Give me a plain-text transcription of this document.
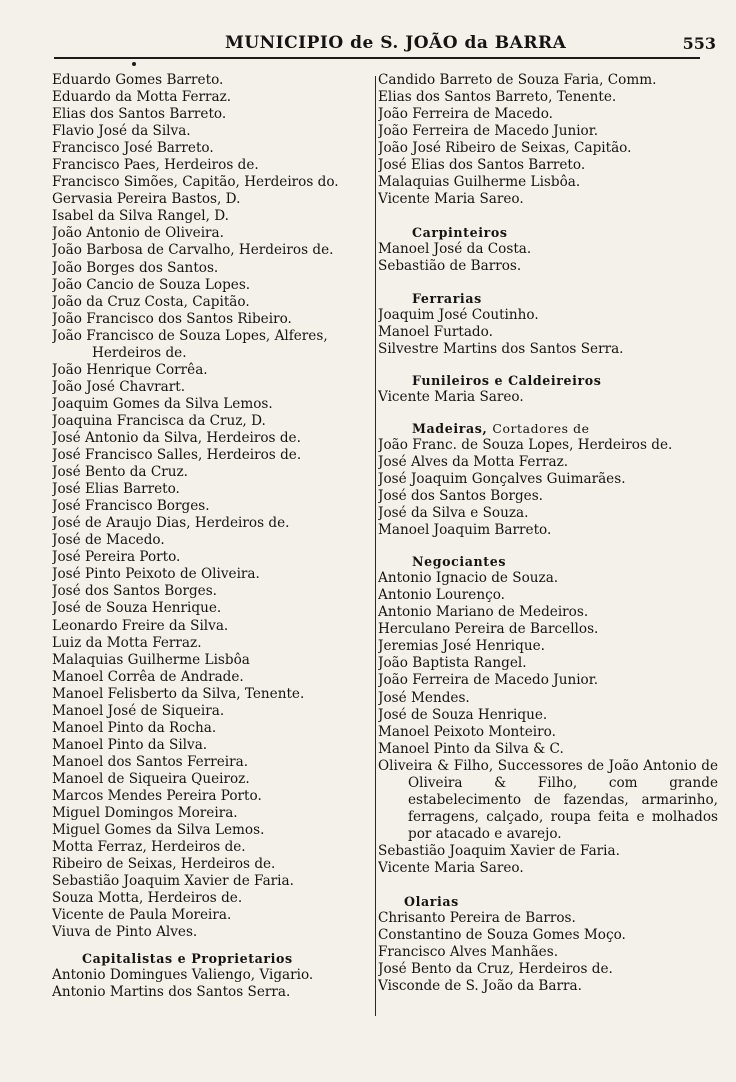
MUNICIPIO de S. JOÃO da BARRA	553
Eduardo Gomes Barreto.
Eduardo da Motta Ferraz.
Elias dos Santos Barreto.
Flavio José da Silva.
Francisco José Barreto.
Francisco Paes, Herdeiros de.
Francisco Simões, Capitão, Herdeiros do.
Gervasia Pereira Bastos, D.
Isabel da Silva Rangel, D.
João Antonio de Oliveira.
João Barbosa de Carvalho, Herdeiros de.
João Borges dos Santos.
João Cancio de Souza Lopes.
João da Cruz Costa, Capitão.
João Francisco dos Santos Ribeiro.
João Francisco de Souza Lopes, Alferes,
Herdeiros de.
João Henrique Corrêa.
João José Chavrart.
Joaquim Gomes da Silva Lemos.
Joaquina Francisca da Cruz, D.
José Antonio da Silva, Herdeiros de.
José Francisco Salles, Herdeiros de.
José Bento da Cruz.
José Elias Barreto.
José Francisco Borges.
José de Araujo Dias, Herdeiros de.
José de Macedo.
José Pereira Porto.
José Pinto Peixoto de Oliveira.
José dos Santos Borges.
José de Souza Henrique.
Leonardo Freire da Silva.
Luiz da Motta Ferraz.
Malaquias Guilherme Lisbôa
Manoel Corrêa de Andrade.
Manoel Felisberto da Silva, Tenente.
Manoel José de Siqueira.
Manoel Pinto da Rocha.
Manoel Pinto da Silva.
Manoel dos Santos Ferreira.
Manoel de Siqueira Queiroz.
Marcos Mendes Pereira Porto.
Miguel Domingos Moreira.
Miguel Gomes da Silva Lemos.
Motta Ferraz, Herdeiros de.
Ribeiro de Seixas, Herdeiros de.
Sebastião Joaquim Xavier de Faria.
Souza Motta, Herdeiros de.
Vicente de Paula Moreira.
Viuva de Pinto Alves.
Capitalistas e Proprietarios
Antonio Domingues Valiengo, Vigario.
Antonio Martins dos Santos Serra.
Candido Barreto de Souza Faria, Comm.
Elias dos Santos Barreto, Tenente.
João Ferreira de Macedo.
João Ferreira de Macedo Junior.
João José Ribeiro de Seixas, Capitão.
José Elias dos Santos Barreto.
Malaquias Guilherme Lisbôa.
Vicente Maria Sareo.
Carpinteiros
Manoel José da Costa.
Sebastião de Barros.
Ferrarias
Joaquim José Coutinho.
Manoel Furtado.
Silvestre Martins dos Santos Serra.
Funileiros e Caldeireiros
Vicente Maria Sareo.
Madeiras, Cortadores de
João Franc. de Souza Lopes, Herdeiros de.
José Alves da Motta Ferraz.
José Joaquim Gonçalves Guimarães.
José dos Santos Borges.
José da Silva e Souza.
Manoel Joaquim Barreto.
Negociantes
Antonio Ignacio de Souza.
Antonio Lourenço.
Antonio Mariano de Medeiros.
Herculano Pereira de Barcellos.
Jeremias José Henrique.
João Baptista Rangel.
João Ferreira de Macedo Junior.
José Mendes.
José de Souza Henrique.
Manoel Peixoto Monteiro.
Manoel Pinto da Silva & C.
Oliveira & Filho, Successores de João Antonio de Oliveira & Filho, com grande estabelecimento de fazendas, armarinho, ferragens, calçado, roupa feita e molhados por atacado e avarejo.
Sebastião Joaquim Xavier de Faria.
Vicente Maria Sareo.
Olarias
Chrisanto Pereira de Barros.
Constantino de Souza Gomes Moço.
Francisco Alves Manhães.
José Bento da Cruz, Herdeiros de.
Visconde de S. João da Barra.
